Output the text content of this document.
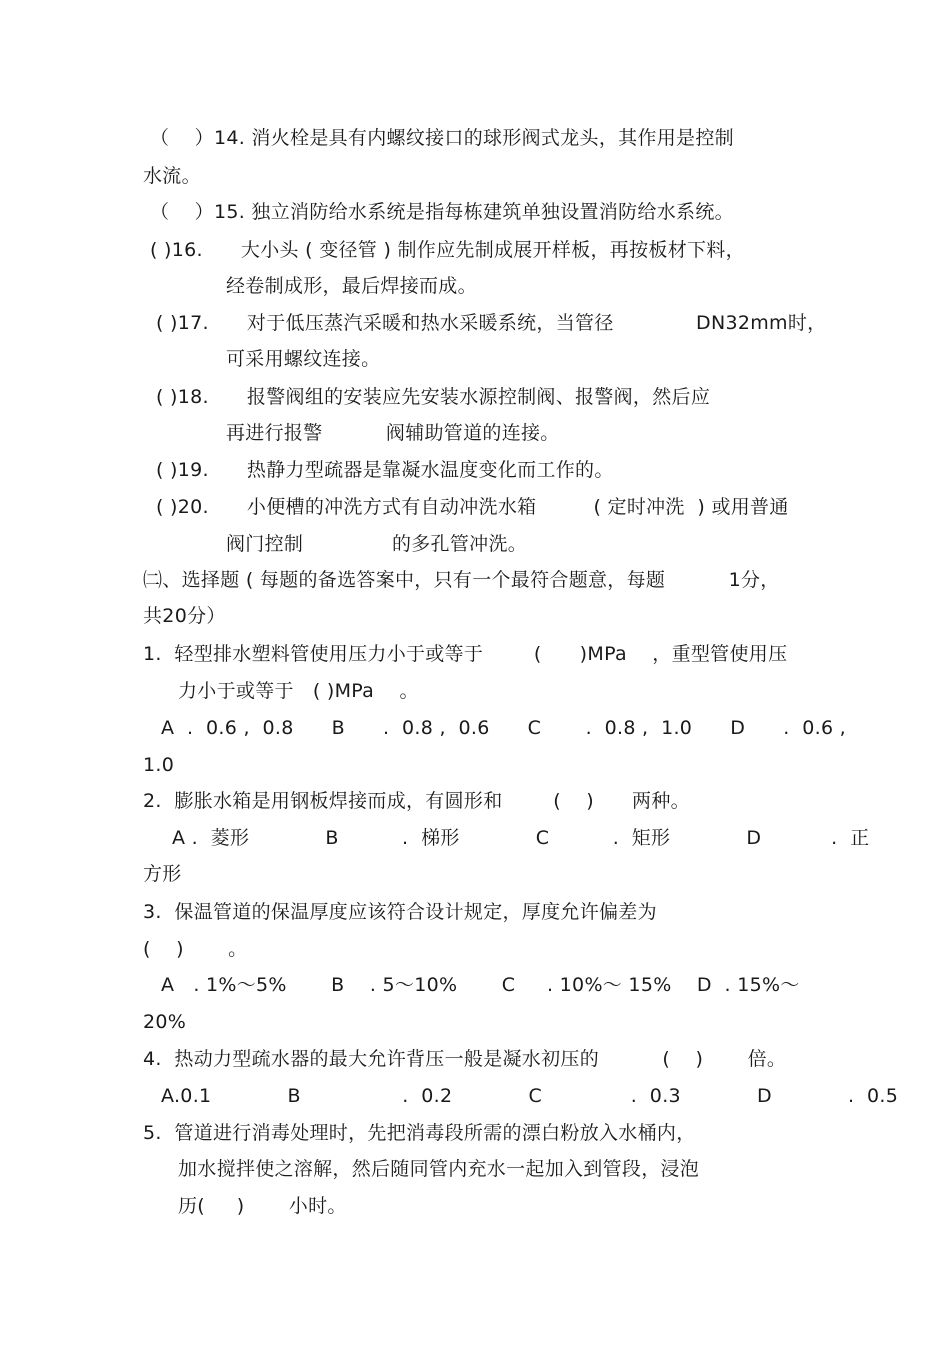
（    ）14. 消火栓是具有内螺纹接口的球形阀式龙头，其作用是控制
水流。
（    ）15. 独立消防给水系统是指每栋建筑单独设置消防给水系统。
( )16.      大小头 ( 变径管 ) 制作应先制成展开样板，再按板材下料，
经卷制成形，最后焊接而成。
( )17.      对于低压蒸汽采暖和热水采暖系统，当管径             DN32mm时，
可采用螺纹连接。
( )18.      报警阀组的安装应先安装水源控制阀、报警阀，然后应
再进行报警          阀辅助管道的连接。
( )19.      热静力型疏器是靠凝水温度变化而工作的。
( )20.      小便槽的冲洗方式有自动冲洗水箱         ( 定时冲洗  ) 或用普通
阀门控制              的多孔管冲洗。
㈡、选择题 ( 每题的备选答案中，只有一个最符合题意，每题          1分，
共20分）
1.  轻型排水塑料管使用压力小于或等于        (      )MPa    ，重型管使用压
力小于或等于   ( )MPa    。
A  .  0.6 ,  0.8      B      .  0.8 ,  0.6      C       .  0.8 ,  1.0      D      .  0.6 ,
1.0
2.  膨胀水箱是用钢板焊接而成，有圆形和        (    )      两种。
A .  菱形            B          .  梯形            C          .  矩形            D           .  正
方形
3.  保温管道的保温厚度应该符合设计规定，厚度允许偏差为
(    )       。
A   . 1%～5%       B    . 5～10%       C     . 10%～ 15%    D  . 15%～
20%
4.  热动力型疏水器的最大允许背压一般是凝水初压的          (    )       倍。
A.0.1            B                .  0.2            C              .  0.3            D            .  0.5
5.  管道进行消毒处理时，先把消毒段所需的漂白粉放入水桶内，
加水搅拌使之溶解，然后随同管内充水一起加入到管段，浸泡
历(     )       小时。
